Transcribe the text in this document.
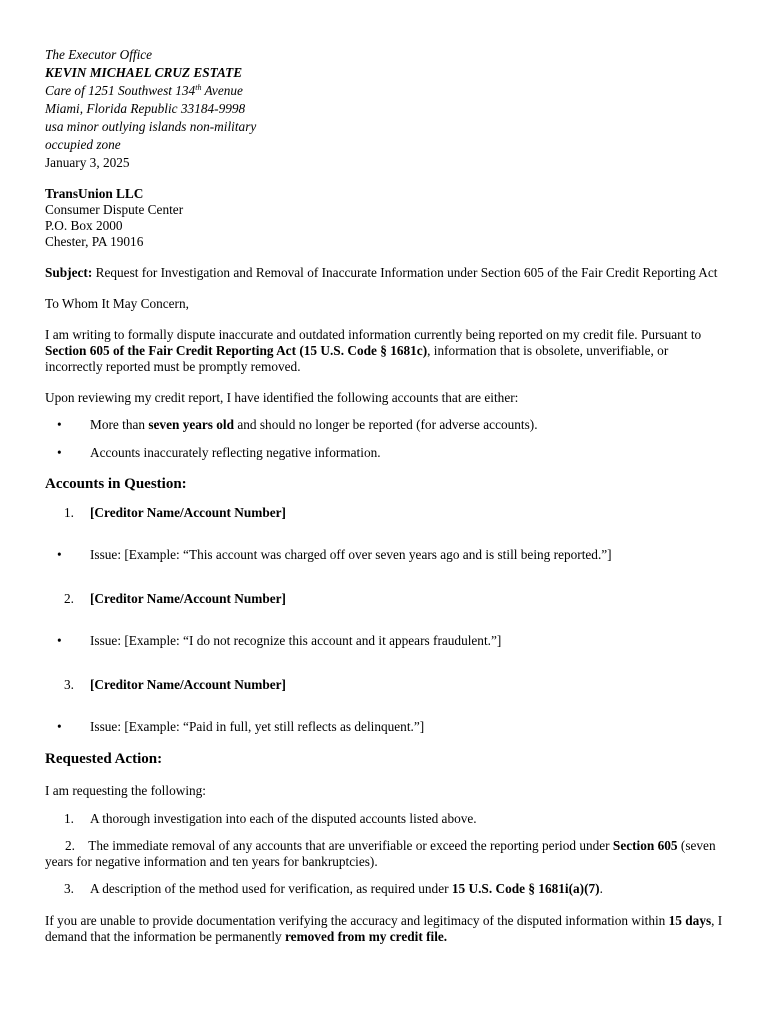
The Executor Office
KEVIN MICHAEL CRUZ ESTATE
Care of 1251 Southwest 134th Avenue
Miami, Florida Republic 33184-9998
usa minor outlying islands non-military
occupied zone
January 3, 2025
TransUnion LLC
Consumer Dispute Center
P.O. Box 2000
Chester, PA 19016
Subject: Request for Investigation and Removal of Inaccurate Information under Section 605 of the Fair Credit Reporting Act
To Whom It May Concern,
I am writing to formally dispute inaccurate and outdated information currently being reported on my credit file. Pursuant to Section 605 of the Fair Credit Reporting Act (15 U.S. Code § 1681c), information that is obsolete, unverifiable, or incorrectly reported must be promptly removed.
Upon reviewing my credit report, I have identified the following accounts that are either:
• More than seven years old and should no longer be reported (for adverse accounts).
• Accounts inaccurately reflecting negative information.
Accounts in Question:
1. [Creditor Name/Account Number]
• Issue: [Example: “This account was charged off over seven years ago and is still being reported.”]
2. [Creditor Name/Account Number]
• Issue: [Example: “I do not recognize this account and it appears fraudulent.”]
3. [Creditor Name/Account Number]
• Issue: [Example: “Paid in full, yet still reflects as delinquent.”]
Requested Action:
I am requesting the following:
1. A thorough investigation into each of the disputed accounts listed above.
2. The immediate removal of any accounts that are unverifiable or exceed the reporting period under Section 605 (seven years for negative information and ten years for bankruptcies).
3. A description of the method used for verification, as required under 15 U.S. Code § 1681i(a)(7).
If you are unable to provide documentation verifying the accuracy and legitimacy of the disputed information within 15 days, I demand that the information be permanently removed from my credit file.
